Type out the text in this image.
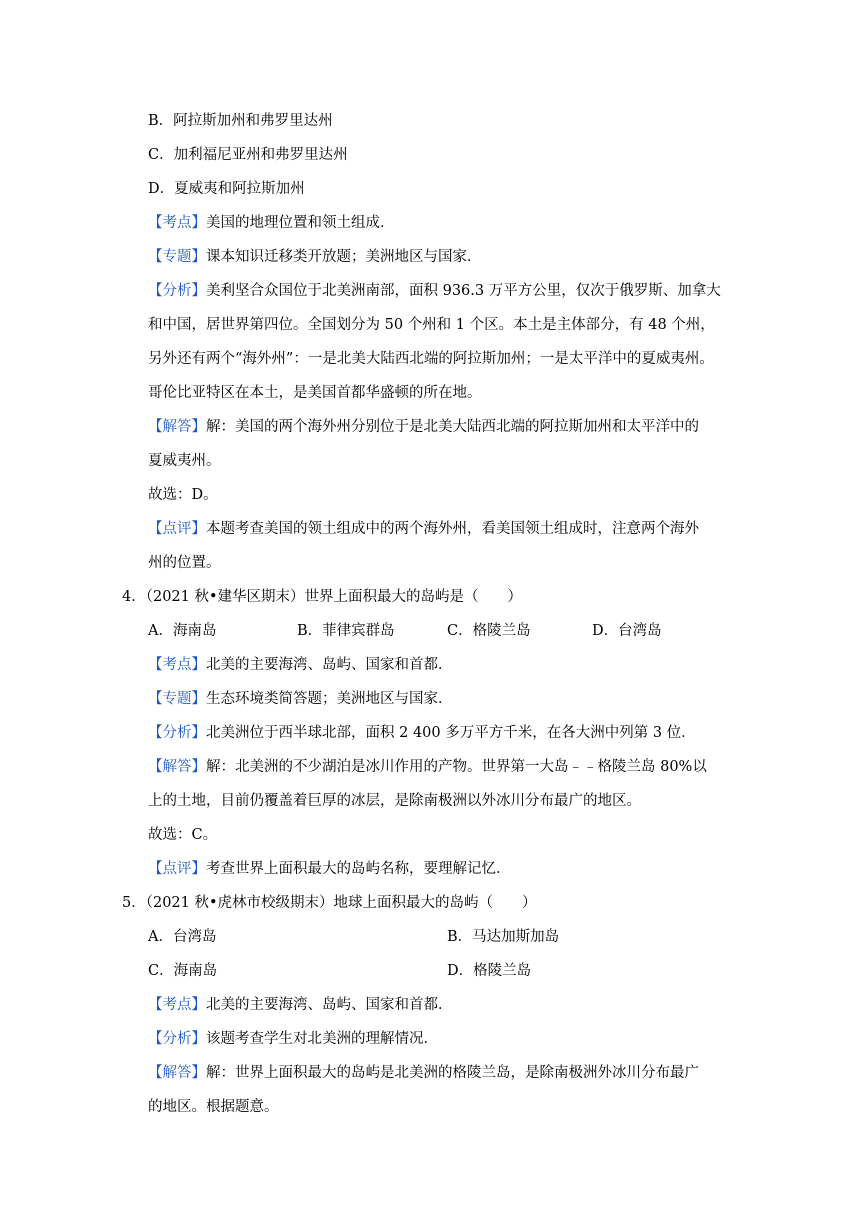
B．阿拉斯加州和弗罗里达州
C．加利福尼亚州和弗罗里达州
D．夏威夷和阿拉斯加州
【考点】美国的地理位置和领土组成．
【专题】课本知识迁移类开放题；美洲地区与国家．
【分析】美利坚合众国位于北美洲南部，面积 936.3 万平方公里，仅次于俄罗斯、加拿大
和中国，居世界第四位。全国划分为 50 个州和 1 个区。本土是主体部分，有 48 个州，
另外还有两个“海外州”：一是北美大陆西北端的阿拉斯加州；一是太平洋中的夏威夷州。
哥伦比亚特区在本土，是美国首都华盛顿的所在地。
【解答】解：美国的两个海外州分别位于是北美大陆西北端的阿拉斯加州和太平洋中的
夏威夷州。
故选：D。
【点评】本题考查美国的领土组成中的两个海外州，看美国领土组成时，注意两个海外
州的位置。
4．（2021 秋•建华区期末）世界上面积最大的岛屿是（　　）
A．海南岛	B．菲律宾群岛	C．格陵兰岛	D．台湾岛
【考点】北美的主要海湾、岛屿、国家和首都．
【专题】生态环境类简答题；美洲地区与国家．
【分析】北美洲位于西半球北部，面积 2 400 多万平方千米，在各大洲中列第 3 位．
【解答】解：北美洲的不少湖泊是冰川作用的产物。世界第一大岛﹣﹣格陵兰岛 80%以
上的土地，目前仍覆盖着巨厚的冰层，是除南极洲以外冰川分布最广的地区。
故选：C。
【点评】考查世界上面积最大的岛屿名称，要理解记忆．
5．（2021 秋•虎林市校级期末）地球上面积最大的岛屿（　　）
A．台湾岛	B．马达加斯加岛
C．海南岛	D．格陵兰岛
【考点】北美的主要海湾、岛屿、国家和首都．
【分析】该题考查学生对北美洲的理解情况．
【解答】解：世界上面积最大的岛屿是北美洲的格陵兰岛，是除南极洲外冰川分布最广
的地区。根据题意。
